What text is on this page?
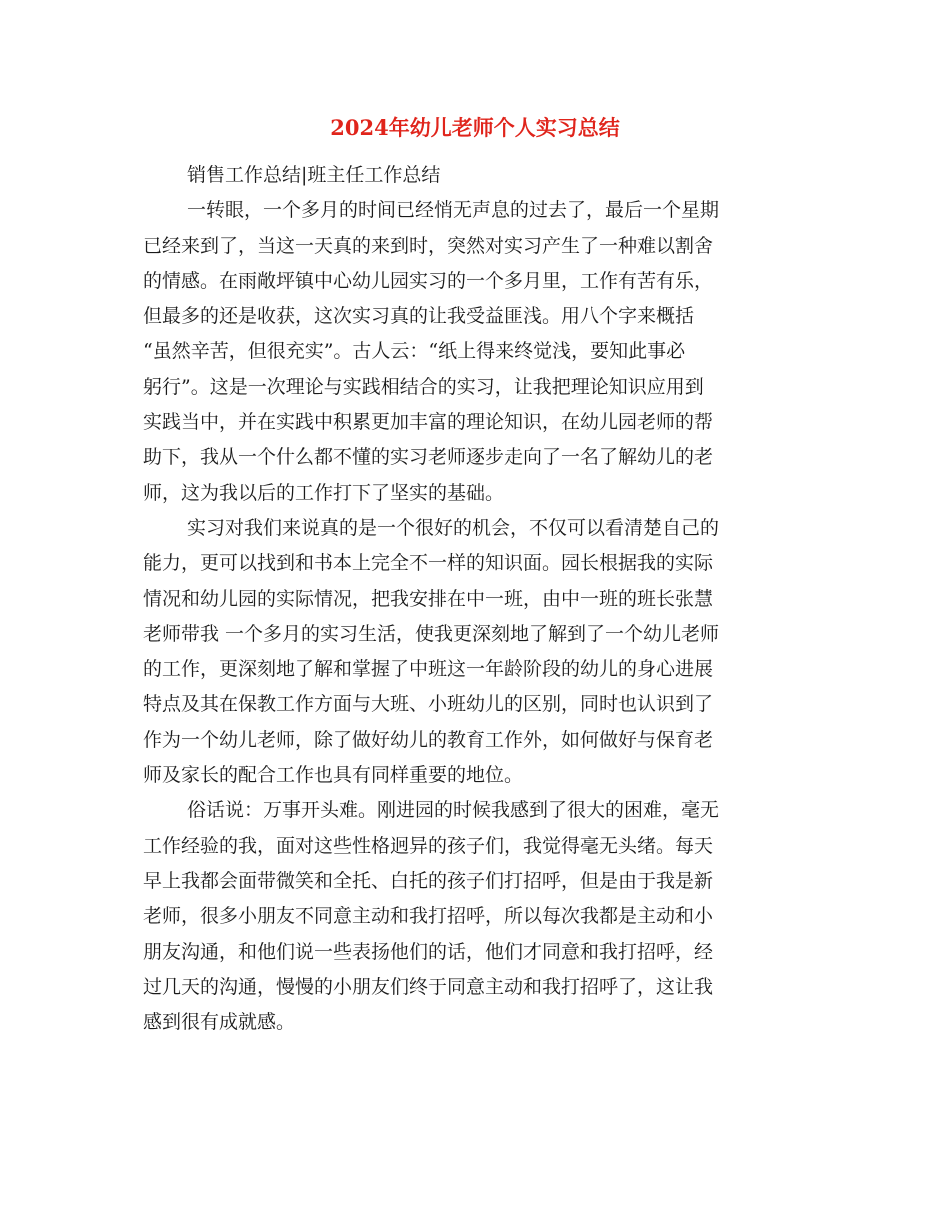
2024年幼儿老师个人实习总结
销售工作总结|班主任工作总结
一转眼，一个多月的时间已经悄无声息的过去了，最后一个星期
已经来到了，当这一天真的来到时，突然对实习产生了一种难以割舍
的情感。在雨敞坪镇中心幼儿园实习的一个多月里，工作有苦有乐，
但最多的还是收获，这次实习真的让我受益匪浅。用八个字来概括
“虽然辛苦，但很充实”。古人云：“纸上得来终觉浅，要知此事必
躬行”。这是一次理论与实践相结合的实习，让我把理论知识应用到
实践当中，并在实践中积累更加丰富的理论知识，在幼儿园老师的帮
助下，我从一个什么都不懂的实习老师逐步走向了一名了解幼儿的老
师，这为我以后的工作打下了坚实的基础。
实习对我们来说真的是一个很好的机会，不仅可以看清楚自己的
能力，更可以找到和书本上完全不一样的知识面。园长根据我的实际
情况和幼儿园的实际情况，把我安排在中一班，由中一班的班长张慧
老师带我 一个多月的实习生活，使我更深刻地了解到了一个幼儿老师
的工作，更深刻地了解和掌握了中班这一年龄阶段的幼儿的身心进展
特点及其在保教工作方面与大班、小班幼儿的区别，同时也认识到了
作为一个幼儿老师，除了做好幼儿的教育工作外，如何做好与保育老
师及家长的配合工作也具有同样重要的地位。
俗话说：万事开头难。刚进园的时候我感到了很大的困难，毫无
工作经验的我，面对这些性格迥异的孩子们，我觉得毫无头绪。每天
早上我都会面带微笑和全托、白托的孩子们打招呼，但是由于我是新
老师，很多小朋友不同意主动和我打招呼，所以每次我都是主动和小
朋友沟通，和他们说一些表扬他们的话，他们才同意和我打招呼，经
过几天的沟通，慢慢的小朋友们终于同意主动和我打招呼了，这让我
感到很有成就感。
